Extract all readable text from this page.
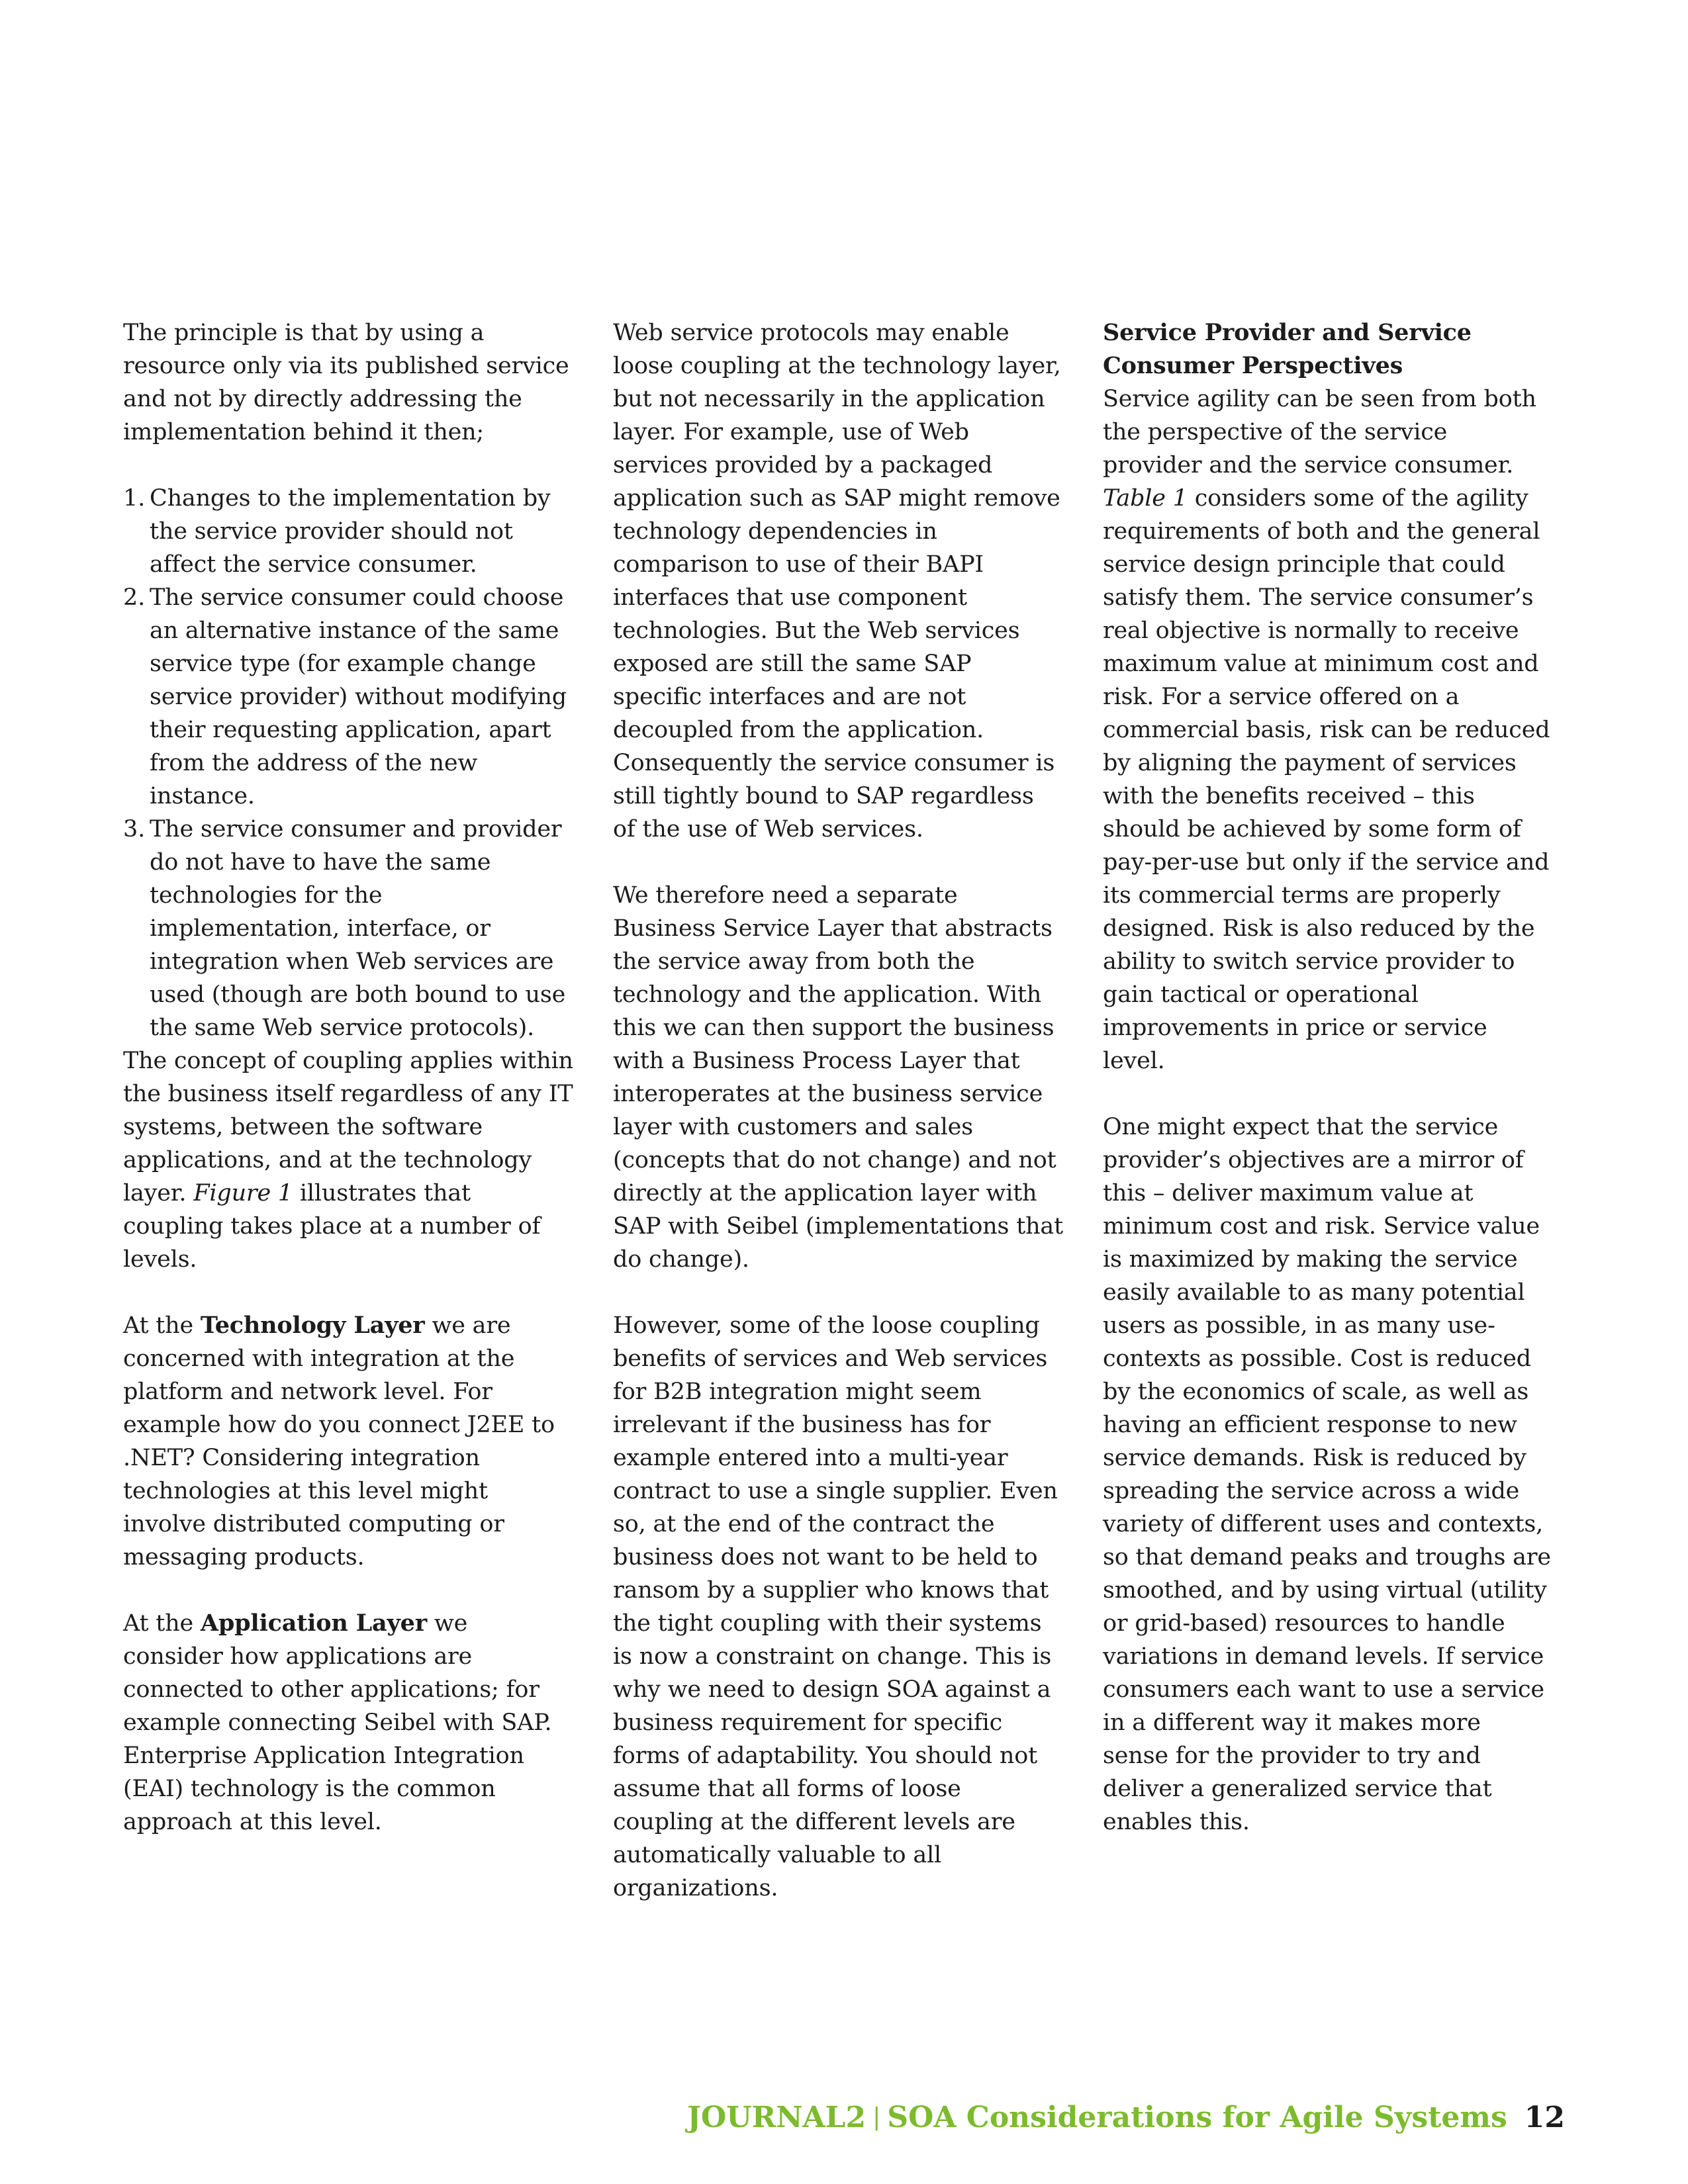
The principle is that by using a resource only via its published service and not by directly addressing the implementation behind it then;

1. Changes to the implementation by the service provider should not affect the service consumer.
2. The service consumer could choose an alternative instance of the same service type (for example change service provider) without modifying their requesting application, apart from the address of the new instance.
3. The service consumer and provider do not have to have the same technologies for the implementation, interface, or integration when Web services are used (though are both bound to use the same Web service protocols).

The concept of coupling applies within the business itself regardless of any IT systems, between the software applications, and at the technology layer. Figure 1 illustrates that coupling takes place at a number of levels.

At the Technology Layer we are concerned with integration at the platform and network level. For example how do you connect J2EE to .NET? Considering integration technologies at this level might involve distributed computing or messaging products.

At the Application Layer we consider how applications are connected to other applications; for example connecting Seibel with SAP. Enterprise Application Integration (EAI) technology is the common approach at this level.

Web service protocols may enable loose coupling at the technology layer, but not necessarily in the application layer. For example, use of Web services provided by a packaged application such as SAP might remove technology dependencies in comparison to use of their BAPI interfaces that use component technologies. But the Web services exposed are still the same SAP specific interfaces and are not decoupled from the application. Consequently the service consumer is still tightly bound to SAP regardless of the use of Web services.

We therefore need a separate Business Service Layer that abstracts the service away from both the technology and the application. With this we can then support the business with a Business Process Layer that interoperates at the business service layer with customers and sales (concepts that do not change) and not directly at the application layer with SAP with Seibel (implementations that do change).

However, some of the loose coupling benefits of services and Web services for B2B integration might seem irrelevant if the business has for example entered into a multi-year contract to use a single supplier. Even so, at the end of the contract the business does not want to be held to ransom by a supplier who knows that the tight coupling with their systems is now a constraint on change. This is why we need to design SOA against a business requirement for specific forms of adaptability. You should not assume that all forms of loose coupling at the different levels are automatically valuable to all organizations.

Service Provider and Service Consumer Perspectives

Service agility can be seen from both the perspective of the service provider and the service consumer. Table 1 considers some of the agility requirements of both and the general service design principle that could satisfy them. The service consumer’s real objective is normally to receive maximum value at minimum cost and risk. For a service offered on a commercial basis, risk can be reduced by aligning the payment of services with the benefits received – this should be achieved by some form of pay-per-use but only if the service and its commercial terms are properly designed. Risk is also reduced by the ability to switch service provider to gain tactical or operational improvements in price or service level.

One might expect that the service provider’s objectives are a mirror of this – deliver maximum value at minimum cost and risk. Service value is maximized by making the service easily available to as many potential users as possible, in as many use-contexts as possible. Cost is reduced by the economics of scale, as well as having an efficient response to new service demands. Risk is reduced by spreading the service across a wide variety of different uses and contexts, so that demand peaks and troughs are smoothed, and by using virtual (utility or grid-based) resources to handle variations in demand levels. If service consumers each want to use a service in a different way it makes more sense for the provider to try and deliver a generalized service that enables this.

JOURNAL2 | SOA Considerations for Agile Systems 12
